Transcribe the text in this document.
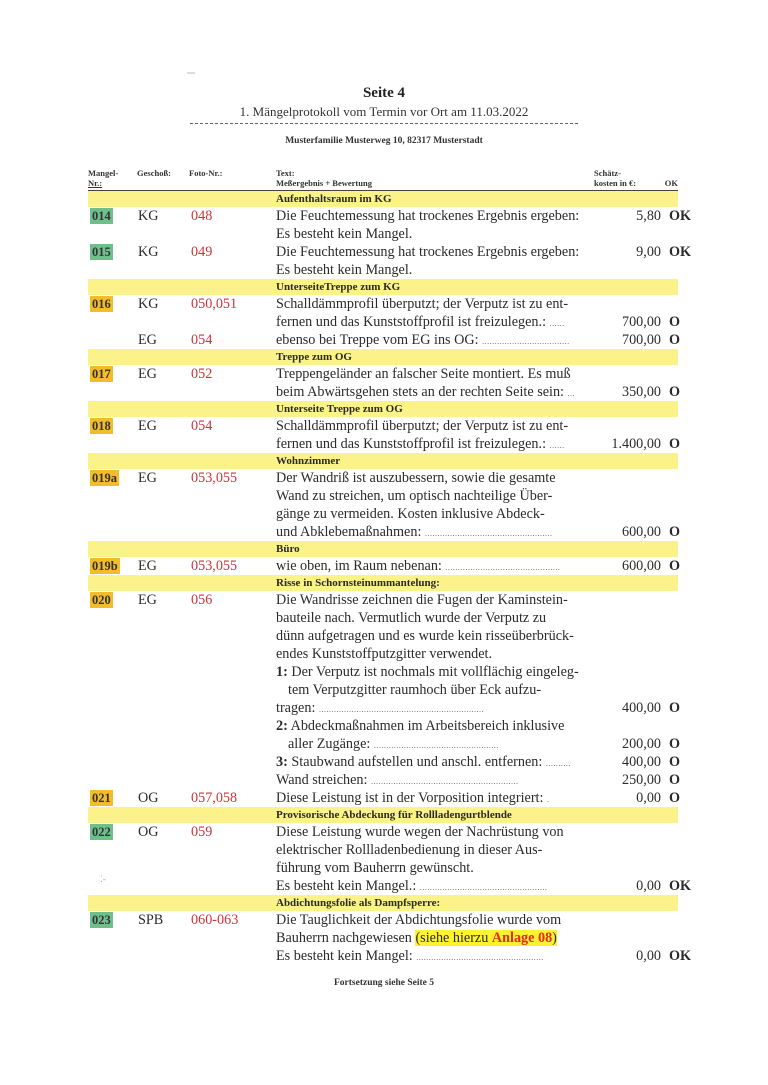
Seite 4
1. Mängelprotokoll vom Termin vor Ort am 11.03.2022
Musterfamilie Musterweg 10, 82317 Musterstadt
Mangel-
Nr.:
Geschoß: Foto-Nr.:	Text:
Meßergebnis + Bewertung
Schätz-
kosten in €:	OK
Aufenthaltsraum im KG
014 KG 048	Die Feuchtemessung hat trockenes Ergebnis ergeben:	5,80 OK
Es besteht kein Mangel.
015 KG 049	Die Feuchtemessung hat trockenes Ergebnis ergeben:	9,00 OK
Es besteht kein Mangel.
UnterseiteTreppe zum KG
016 KG 050,051	Schalldämmprofil überputzt; der Verputz ist zu ent-
fernen und das Kunststoffprofil ist freizulegen.: ......	700,00 O
EG 054	ebenso bei Treppe vom EG ins OG: ...................................	700,00 O
Treppe zum OG
017 EG 052	Treppengeländer an falscher Seite montiert. Es muß
beim Abwärtsgehen stets an der rechten Seite sein: ...	350,00 O
Unterseite Treppe zum OG
018 EG 054	Schalldämmprofil überputzt; der Verputz ist zu ent-
fernen und das Kunststoffprofil ist freizulegen.: ......	1.400,00 O
Wohnzimmer
019a EG 053,055	Der Wandriß ist auszubessern, sowie die gesamte
Wand zu streichen, um optisch nachteilige Über-
gänge zu vermeiden. Kosten inklusive Abdeck-
und Abklebemaßnahmen: ...................................................	600,00 O
Büro
019b EG 053,055	wie oben, im Raum nebenan: ..............................................	600,00 O
Risse in Schornsteinummantelung:
020 EG 056	Die Wandrisse zeichnen die Fugen der Kaminstein-
bauteile nach. Vermutlich wurde der Verputz zu
dünn aufgetragen und es wurde kein risseüberbrück-
endes Kunststoffputzgitter verwendet.
1: Der Verputz ist nochmals mit vollflächig eingeleg-
tem Verputzgitter raumhoch über Eck aufzu-
tragen: ..................................................................	400,00 O
2: Abdeckmaßnahmen im Arbeitsbereich inklusive
aller Zugänge: ..................................................	200,00 O
3: Staubwand aufstellen und anschl. entfernen: ..........	400,00 O
Wand streichen: ...........................................................	250,00 O
021 OG 057,058	Diese Leistung ist in der Vorposition integriert: .	0,00 O
Provisorische Abdeckung für Rollladengurtblende
022 OG 059	Diese Leistung wurde wegen der Nachrüstung von
elektrischer Rollladenbedienung in dieser Aus-
führung vom Bauherrn gewünscht.
Es besteht kein Mangel.: ...................................................	0,00 OK
Abdichtungsfolie als Dampfsperre:
023 SPB 060-063	Die Tauglichkeit der Abdichtungsfolie wurde vom
Bauherrn nachgewiesen (siehe hierzu Anlage 08)
Es besteht kein Mangel: ...................................................	0,00 OK
⁚-
Fortsetzung siehe Seite 5
